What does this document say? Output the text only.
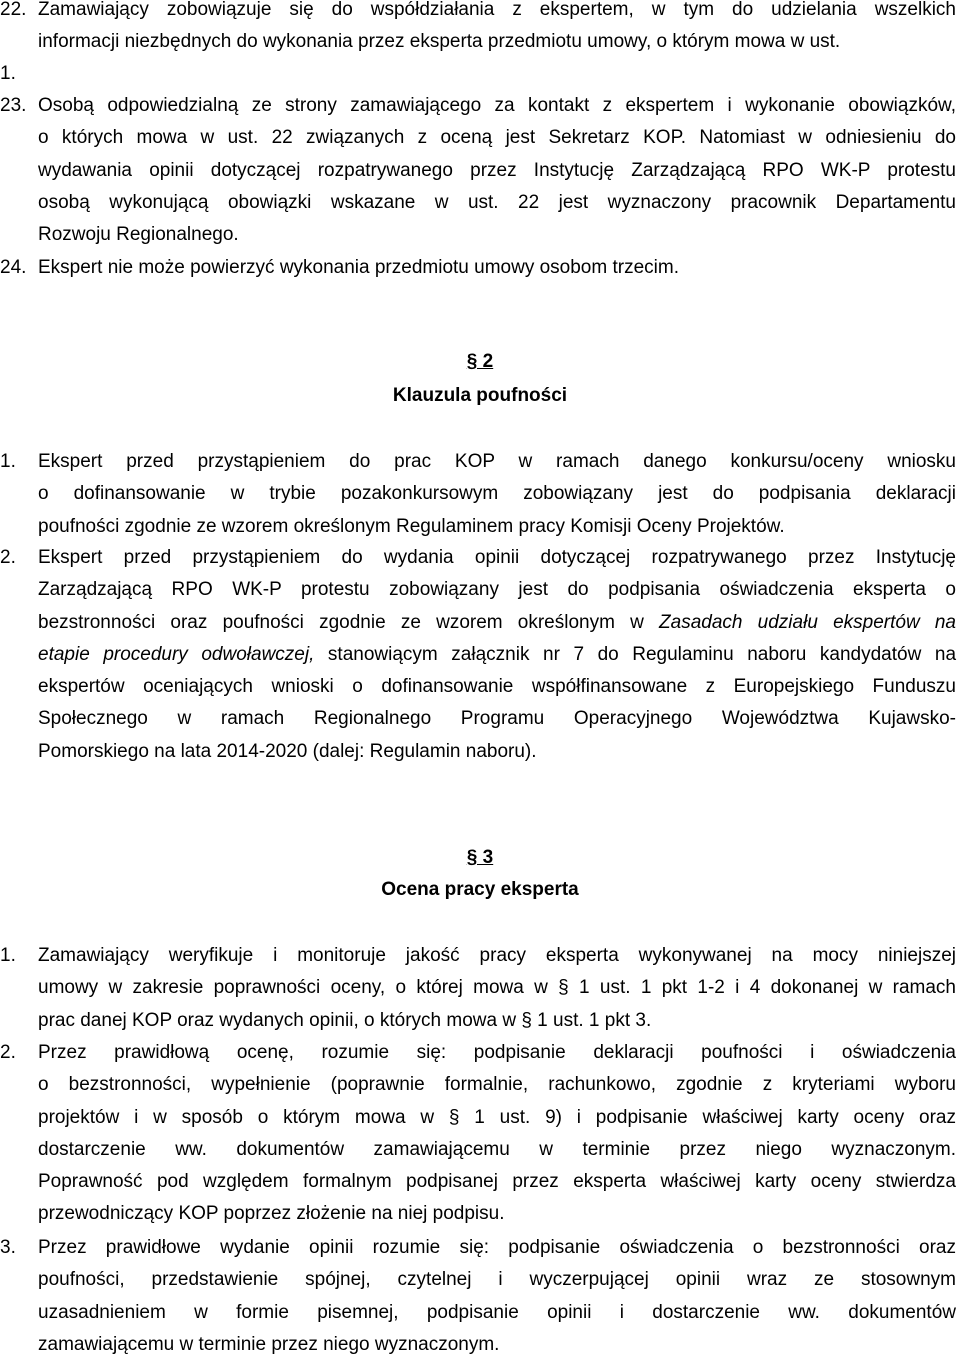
22. Zamawiający zobowiązuje się do współdziałania z ekspertem, w tym do udzielania wszelkich
informacji niezbędnych do wykonania przez eksperta przedmiotu umowy, o którym mowa w ust.
1.
23. Osobą odpowiedzialną ze strony zamawiającego za kontakt z ekspertem i wykonanie obowiązków,
o których mowa w ust. 22 związanych z oceną jest Sekretarz KOP. Natomiast w odniesieniu do
wydawania opinii dotyczącej rozpatrywanego przez Instytucję Zarządzającą RPO WK-P protestu
osobą wykonującą obowiązki wskazane w ust. 22 jest wyznaczony pracownik Departamentu
Rozwoju Regionalnego.
24. Ekspert nie może powierzyć wykonania przedmiotu umowy osobom trzecim.
§ 2
Klauzula poufności
1. Ekspert przed przystąpieniem do prac KOP w ramach danego konkursu/oceny wniosku
o dofinansowanie w trybie pozakonkursowym zobowiązany jest do podpisania deklaracji
poufności zgodnie ze wzorem określonym Regulaminem pracy Komisji Oceny Projektów.
2. Ekspert przed przystąpieniem do wydania opinii dotyczącej rozpatrywanego przez Instytucję
Zarządzającą RPO WK-P protestu zobowiązany jest do podpisania oświadczenia eksperta o
bezstronności oraz poufności zgodnie ze wzorem określonym w Zasadach udziału ekspertów na
etapie procedury odwoławczej, stanowiącym załącznik nr 7 do Regulaminu naboru kandydatów na
ekspertów oceniających wnioski o dofinansowanie współfinansowane z Europejskiego Funduszu
Społecznego w ramach Regionalnego Programu Operacyjnego Województwa Kujawsko-
Pomorskiego na lata 2014-2020 (dalej: Regulamin naboru).
§ 3
Ocena pracy eksperta
1. Zamawiający weryfikuje i monitoruje jakość pracy eksperta wykonywanej na mocy niniejszej
umowy w zakresie poprawności oceny, o której mowa w § 1 ust. 1 pkt 1-2 i 4 dokonanej w ramach
prac danej KOP oraz wydanych opinii, o których mowa w § 1 ust. 1 pkt 3.
2. Przez prawidłową ocenę, rozumie się: podpisanie deklaracji poufności i oświadczenia
o bezstronności, wypełnienie (poprawnie formalnie, rachunkowo, zgodnie z kryteriami wyboru
projektów i w sposób o którym mowa w § 1 ust. 9) i podpisanie właściwej karty oceny oraz
dostarczenie ww. dokumentów zamawiającemu w terminie przez niego wyznaczonym.
Poprawność pod względem formalnym podpisanej przez eksperta właściwej karty oceny stwierdza
przewodniczący KOP poprzez złożenie na niej podpisu.
3. Przez prawidłowe wydanie opinii rozumie się: podpisanie oświadczenia o bezstronności oraz
poufności, przedstawienie spójnej, czytelnej i wyczerpującej opinii wraz ze stosownym
uzasadnieniem w formie pisemnej, podpisanie opinii i dostarczenie ww. dokumentów
zamawiającemu w terminie przez niego wyznaczonym.
